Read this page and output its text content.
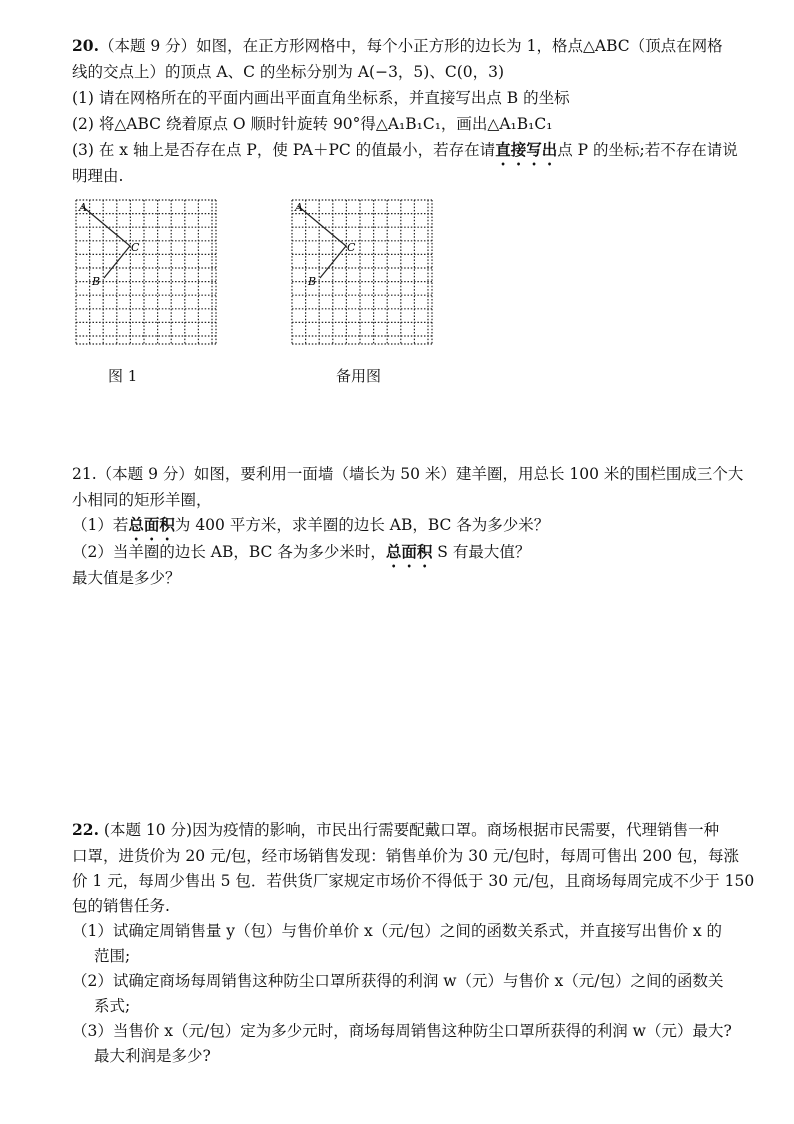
20.（本题 9 分）如图，在正方形网格中，每个小正方形的边长为 1，格点△ABC（顶点在网格
线的交点上）的顶点 A、C 的坐标分别为 A(−3，5)、C(0，3)
(1) 请在网格所在的平面内画出平面直角坐标系，并直接写出点 B 的坐标
(2) 将△ABC 绕着原点 O 顺时针旋转 90°得△A₁B₁C₁，画出△A₁B₁C₁
(3) 在 x 轴上是否存在点 P，使 PA＋PC 的值最小，若存在请直接写出点 P 的坐标;若不存在请说
明理由.
A
C
B
A
C
B
图 1	备用图
21.（本题 9 分）如图，要利用一面墙（墙长为 50 米）建羊圈，用总长 100 米的围栏围成三个大
小相同的矩形羊圈，
（1）若总面积为 400 平方米，求羊圈的边长 AB，BC 各为多少米？
（2）当羊圈的边长 AB，BC 各为多少米时，总面积 S 有最大值？
最大值是多少？
22. (本题 10 分)因为疫情的影响，市民出行需要配戴口罩。商场根据市民需要，代理销售一种
口罩，进货价为 20 元/包，经市场销售发现：销售单价为 30 元/包时，每周可售出 200 包，每涨
价 1 元，每周少售出 5 包．若供货厂家规定市场价不得低于 30 元/包，且商场每周完成不少于 150
包的销售任务.
（1）试确定周销售量 y（包）与售价单价 x（元/包）之间的函数关系式，并直接写出售价 x 的
范围;
（2）试确定商场每周销售这种防尘口罩所获得的利润 w（元）与售价 x（元/包）之间的函数关
系式;
（3）当售价 x（元/包）定为多少元时，商场每周销售这种防尘口罩所获得的利润 w（元）最大?
最大利润是多少?
